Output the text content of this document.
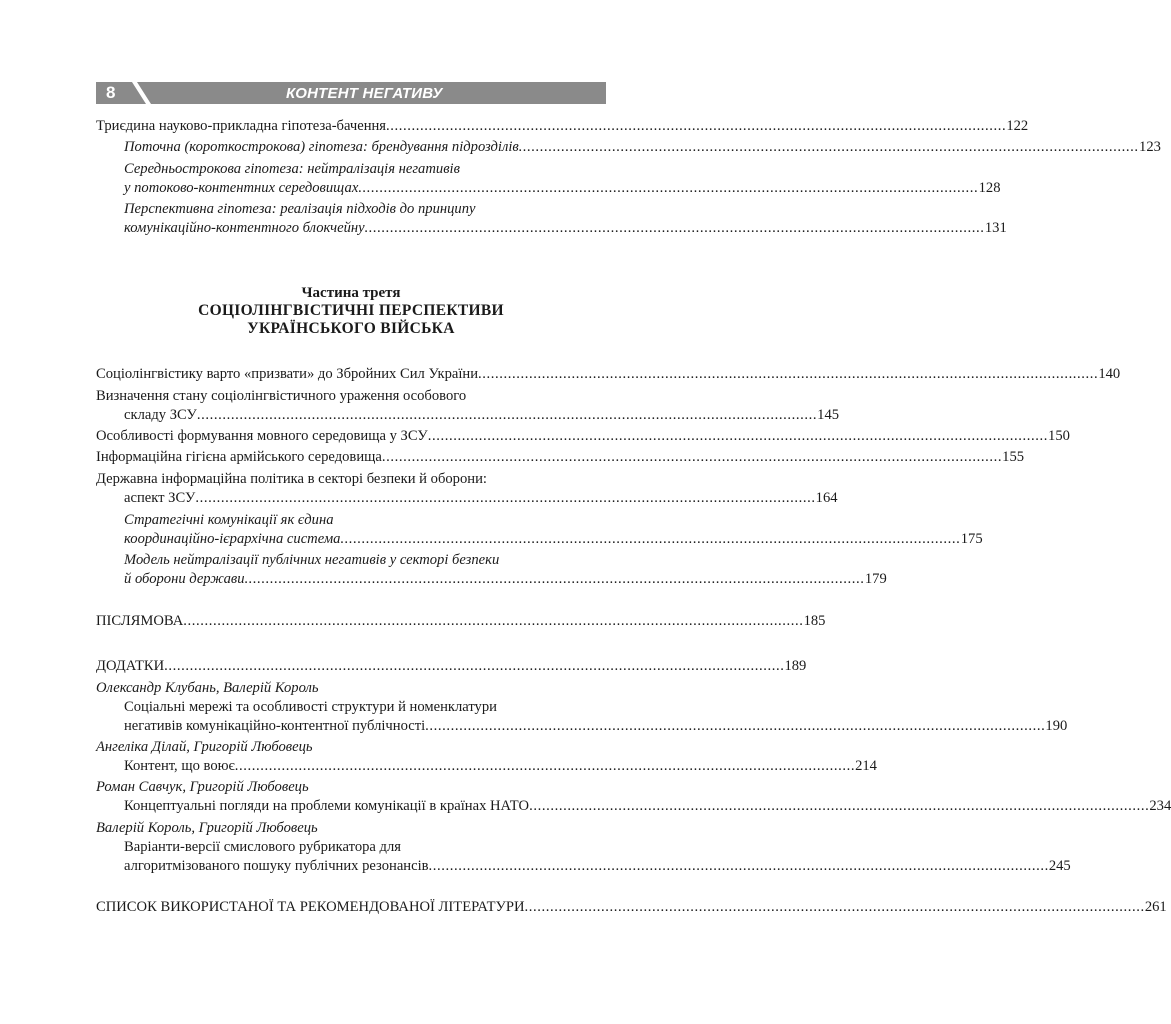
8	КОНТЕНТ НЕГАТИВУ
Триєдина науково-прикладна гіпотеза-бачення .................................................................................................................................................. 122
Поточна (короткострокова) гіпотеза: брендування підрозділів .................................................................................................................................................. 123
Середньострокова гіпотеза: нейтралізація негативів
у потоково-контентних середовищах .................................................................................................................................................. 128
Перспективна гіпотеза: реалізація підходів до принципу
комунікаційно-контентного блокчейну .................................................................................................................................................. 131
Частина третя
СОЦІОЛІНГВІСТИЧНІ ПЕРСПЕКТИВИ
УКРАЇНСЬКОГО ВІЙСЬКА
Соціолінгвістику варто «призвати» до Збройних Сил України .................................................................................................................................................. 140
Визначення стану соціолінгвістичного ураження особового
складу ЗСУ .................................................................................................................................................. 145
Особливості формування мовного середовища у ЗСУ .................................................................................................................................................. 150
Інформаційна гігієна армійського середовища .................................................................................................................................................. 155
Державна інформаційна політика в секторі безпеки й оборони:
аспект ЗСУ .................................................................................................................................................. 164
Стратегічні комунікації як єдина
координаційно-ієрархічна система .................................................................................................................................................. 175
Модель нейтралізації публічних негативів у секторі безпеки
й оборони держави .................................................................................................................................................. 179
ПІСЛЯМОВА .................................................................................................................................................. 185
ДОДАТКИ .................................................................................................................................................. 189
Олександр Клубань, Валерій Король
Соціальні мережі та особливості структури й номенклатури
негативів комунікаційно-контентної публічності .................................................................................................................................................. 190
Ангеліка Ділай, Григорій Любовець
Контент, що воює .................................................................................................................................................. 214
Роман Савчук, Григорій Любовець
Концептуальні погляди на проблеми комунікації в країнах НАТО .................................................................................................................................................. 234
Валерій Король, Григорій Любовець
Варіанти-версії смислового рубрикатора для
алгоритмізованого пошуку публічних резонансів .................................................................................................................................................. 245
СПИСОК ВИКОРИСТАНОЇ ТА РЕКОМЕНДОВАНОЇ ЛІТЕРАТУРИ .................................................................................................................................................. 261
